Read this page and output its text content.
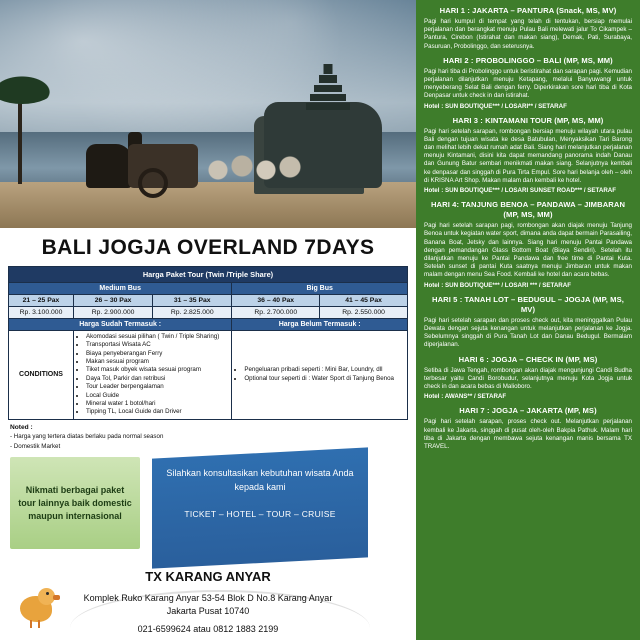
BALI JOGJA OVERLAND 7DAYS
Harga Paket Tour (Twin /Triple Share)				
Medium Bus			Big Bus	
21 – 25 Pax	26 – 30 Pax	31 – 35 Pax	36 – 40 Pax	41 – 45 Pax
Rp. 3.100.000	Rp. 2.900.000	Rp. 2.825.000	Rp. 2.700.000	Rp. 2.550.000
Harga Sudah Termasuk :			Harga Belum Termasuk :	
CONDITIONS	
• Akomodasi sesuai pilihan ( Twin / Triple Sharing)
• Transportasi Wisata AC
• Biaya penyeberangan Ferry
• Makan sesuai program
• Tiket masuk obyek wisata sesuai program
• Daya Tol, Parkir dan retribusi
• Tour Leader berpengalaman
• Local Guide
• Mineral water 1 botol/hari
• Tipping TL, Local Guide dan Driver

• Pengeluaran pribadi seperti : Mini Bar, Loundry, dll
• Optional tour seperti di : Water Sport di Tanjung Benoa
Noted :
- Harga yang tertera diatas berlaku pada normal season
- Domestik Market
Nikmati berbagai paket tour lainnya baik domestic maupun internasional
Silahkan konsultasikan kebutuhan wisata Anda kepada kami
TICKET – HOTEL – TOUR – CRUISE
TX KARANG ANYAR
Komplek Ruko Karang Anyar 53-54 Blok D No.8 Karang Anyar
Jakarta Pusat 10740
021-6599624 atau 0812 1883 2199
HARI 1 : JAKARTA – PANTURA (Snack, MS, MV)

Pagi hari kumpul di tempat yang telah di tentukan, bersiap memulai perjalanan dan berangkat menuju Pulau Bali melewati jalur To Cikampek – Pantura, Cirebon (Istirahat dan makan siang), Demak, Pati, Surabaya, Pasuruan, Probolinggo, dan seterusnya.

HARI 2 : PROBOLINGGO – BALI (MP, MS, MM)

Pagi hari tiba di Probolinggo untuk beristirahat dan sarapan pagi. Kemudian perjalanan dilanjutkan menuju Ketapang, melalui Banyuwangi untuk menyeberang Selat Bali dengan ferry. Diperkirakan sore hari tiba di Kota Denpasar untuk check in dan istirahat.

Hotel : SUN BOUTIQUE*** / LOSARI** / SETARAF

HARI 3 : KINTAMANI TOUR (MP, MS, MM)

Pagi hari setelah sarapan, rombongan bersiap menuju wilayah utara pulau Bali dengan tujuan wisata ke desa Batubulan, Menyaksikan Tari Barong dan melihat lebih dekat rumah adat Bali. Siang hari melanjutkan perjalanan menuju Kintamani, disini kita dapat memandang panorama indah Danau dan Gunung Batur sembari menikmati makan siang. Selanjutnya kembali ke denpasar dan singgah di Pura Tirta Empul. Sore hari belanja oleh – oleh di KRISNA Art Shop. Makan malam dan kembali ke hotel.

Hotel : SUN BOUTIQUE*** / LOSARI SUNSET ROAD*** / SETARAF

HARI 4: TANJUNG BENOA – PANDAWA – JIMBARAN (MP, MS, MM)

Pagi hari setelah sarapan pagi, rombongan akan diajak menuju Tanjung Benoa untuk kegiatan water sport, dimana anda dapat bermain Parasailing, Banana Boat, Jetsky dan lainnya. Siang hari menuju Pantai Pandawa dengan pemandangan Glass Bottom Boat (Biaya Sendiri). Setelah itu dilanjutkan menuju ke Pantai Pandawa dan free time di Pantai Kuta. Setelah sunset di pantai Kuta saatnya menuju Jimbaran untuk makan malam dengan menu Sea Food. Kembali ke hotel dan acara bebas.

Hotel : SUN BOUTIQUE*** / LOSARI *** / SETARAF

HARI 5 : TANAH LOT – BEDUGUL – JOGJA (MP, MS, MV)

Pagi hari setelah sarapan dan proses check out, kita meninggalkan Pulau Dewata dengan sejuta kenangan untuk melanjutkan perjalanan ke Jogja. Sebelumnya singgah di Pura Tanah Lot dan Danau Bedugul. Bermalam diperjalanan.

HARI 6 : JOGJA – CHECK IN (MP, MS)

Setiba di Jawa Tengah, rombongan akan diajak mengunjungi Candi Budha terbesar yaitu Candi Borobudur, selanjutnya menuju Kota Jogja untuk check in dan acara bebas di Malioboro.

Hotel : AWANS** / SETARAF

HARI 7 : JOGJA – JAKARTA (MP, MS)

Pagi hari setelah sarapan, proses check out. Melanjutkan perjalanan kembali ke Jakarta, singgah di pusat oleh-oleh Bakpia Pathuk. Malam hari tiba di Jakarta dengan membawa sejuta kenangan manis bersama TX TRAVEL.
